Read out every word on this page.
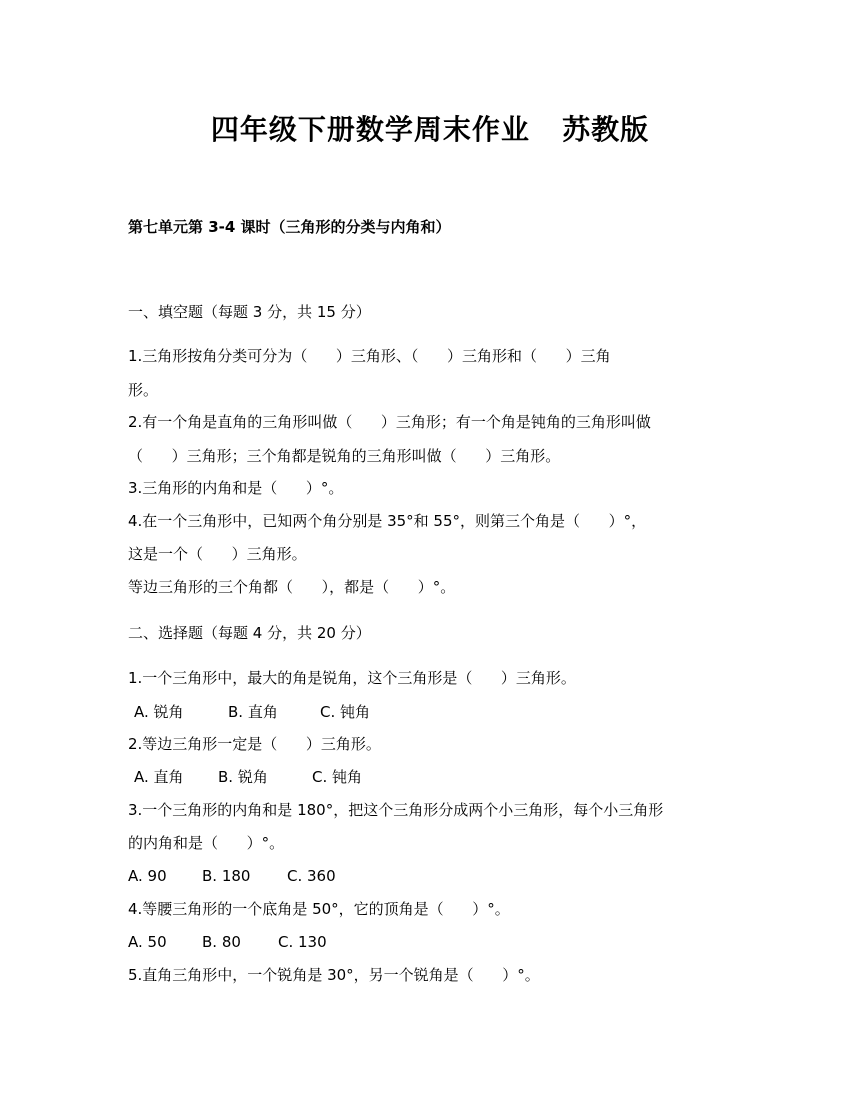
四年级下册数学周末作业   苏教版
第七单元第 3-4 课时（三角形的分类与内角和）
一、填空题（每题 3 分，共 15 分）
1.三角形按角分类可分为（      ）三角形、（      ）三角形和（      ）三角
形。
2.有一个角是直角的三角形叫做（      ）三角形；有一个角是钝角的三角形叫做
（      ）三角形；三个角都是锐角的三角形叫做（      ）三角形。
3.三角形的内角和是（      ）°。
4.在一个三角形中，已知两个角分别是 35°和 55°，则第三个角是（      ）°，
这是一个（      ）三角形。
等边三角形的三个角都（      ），都是（      ）°。
二、选择题（每题 4 分，共 20 分）
1.一个三角形中，最大的角是锐角，这个三角形是（      ）三角形。
A. 锐角	B. 直角	C. 钝角
2.等边三角形一定是（      ）三角形。
A. 直角 B. 锐角	C. 钝角
3.一个三角形的内角和是 180°，把这个三角形分成两个小三角形，每个小三角形
的内角和是（      ）°。
A. 90 B. 180 C. 360
4.等腰三角形的一个底角是 50°，它的顶角是（      ）°。
A. 50 B. 80 C. 130
5.直角三角形中，一个锐角是 30°，另一个锐角是（      ）°。
